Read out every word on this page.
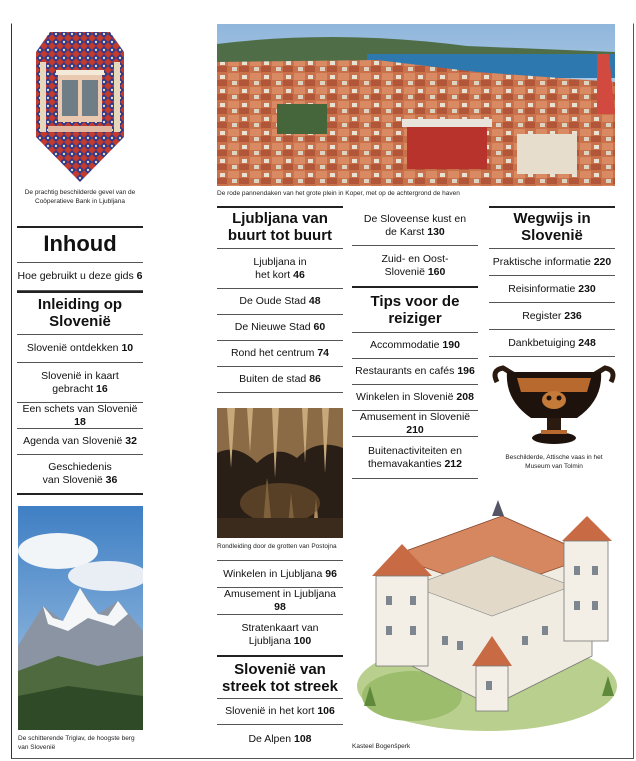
De prachtig beschilderde gevel van de Coöperatieve Bank in Ljubljana
Inhoud
Hoe gebruikt u deze gids 6
Inleiding op Slovenië
Slovenië ontdekken 10
Slovenië in kaart gebracht 16
Een schets van Slovenië 18
Agenda van Slovenië 32
Geschiedenis van Slovenië 36
De schitterende Triglav, de hoogste berg van Slovenië
De rode pannendaken van het grote plein in Koper, met op de achtergrond de haven
Ljubljana van buurt tot buurt
Ljubljana in het kort 46
De Oude Stad 48
De Nieuwe Stad 60
Rond het centrum 74
Buiten de stad 86
Rondleiding door de grotten van Postojna
Winkelen in Ljubljana 96
Amusement in Ljubljana 98
Stratenkaart van Ljubljana 100
Slovenië van streek tot streek
Slovenië in het kort 106
De Alpen 108
De Sloveense kust en de Karst 130
Zuid- en Oost-Slovenië 160
Tips voor de reiziger
Accommodatie 190
Restaurants en cafés 196
Winkelen in Slovenië 208
Amusement in Slovenië 210
Buitenactiviteiten en themavakanties 212
Wegwijs in Slovenië
Praktische informatie 220
Reisinformatie 230
Register 236
Dankbetuiging 248
Beschilderde, Attische vaas in het Museum van Tolmin
Kasteel Bogenšperk
